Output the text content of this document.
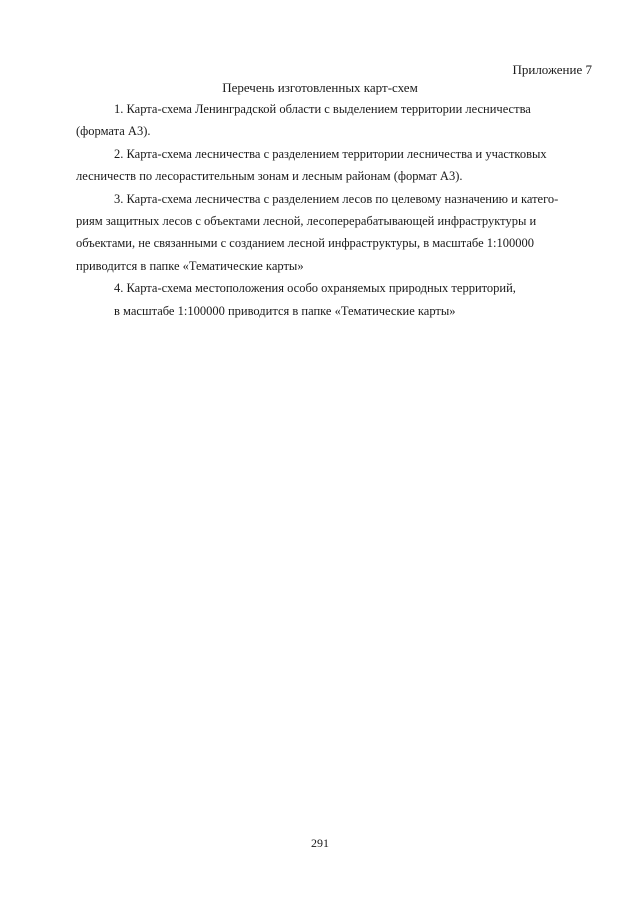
Приложение 7
Перечень изготовленных карт-схем

1. Карта-схема Ленинградской области с выделением территории лесничества
(формата А3).

2. Карта-схема лесничества с разделением территории лесничества и участковых
лесничеств по лесорастительным зонам и лесным районам (формат А3).

3. Карта-схема лесничества с разделением лесов по целевому назначению и катего-
риям защитных лесов с объектами лесной, лесоперерабатывающей инфраструктуры и
объектами, не связанными с созданием лесной инфраструктуры, в масштабе 1:100000
приводится в папке «Тематические карты»

4. Карта-схема местоположения особо охраняемых природных территорий,
в масштабе 1:100000 приводится в папке «Тематические карты»

291
